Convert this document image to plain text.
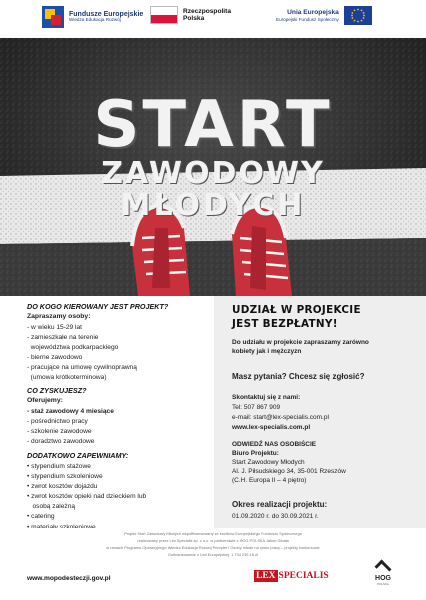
Fundusze Europejskie
Wiedza Edukacja Rozwój
Rzeczpospolita
Polska
Unia Europejska
Europejski Fundusz Społeczny
START
ZAWODOWY
MŁODYCH
DO KOGO KIEROWANY JEST PROJEKT?
Zapraszamy osoby:
- w wieku 15-29 lat
- zamieszkałe na terenie
województwa podkarpackiego
- bierne zawodowo
- pracujące na umowę cywilnoprawną
(umowa krótkoterminowa)
CO ZYSKUJESZ?
Oferujemy:
- staż zawodowy 4 miesiące
- pośrednictwo pracy
- szkolenie zawodowe
- doradztwo zawodowe
DODATKOWO ZAPEWNIAMY:
• stypendium stażowe
• stypendium szkoleniowe
• zwrot kosztów dojazdu
• zwrot kosztów opieki nad dzieckiem lub
osobą zależną
• catering
UDZIAŁ W PROJEKCIE
JEST BEZPŁATNY!
Do udziału w projekcie zapraszamy zarówno
kobiety jak i mężczyzn
Masz pytania? Chcesz się zgłosić?
Skontaktuj się z nami:
Tel: 507 867 909
e-mail: start@lex-specialis.com.pl
www.lex-specialis.com.pl
ODWIEDŹ NAS OSOBIŚCIE
Biuro Projektu:
Start Zawodowy Młodych
Al. J. Piłsudskiego 34, 35-001 Rzeszów
(C.H. Europa II – 4 piętro)
Okres realizacji projektu:
01.09.2020 r. do 30.09.2021 r.
Projekt Start Zawodowy Młodych współfinansowany ze środków Europejskiego Funduszu Społecznego
realizowany przez Lex Specialis sp. z o.o. w partnerstwie z HOG POLSKA Jakub Gibała
w ramach Programu Operacyjnego Wiedza Edukacja Rozwój Priorytet I Osoby młode na rynku pracy – projekty konkursowe
Dofinansowanie z Unii Europejskiej: 1 734 239,16 zł
www.mopodesteczji.gov.pl	LEX SPECIALIS	HOG
POLSKA
